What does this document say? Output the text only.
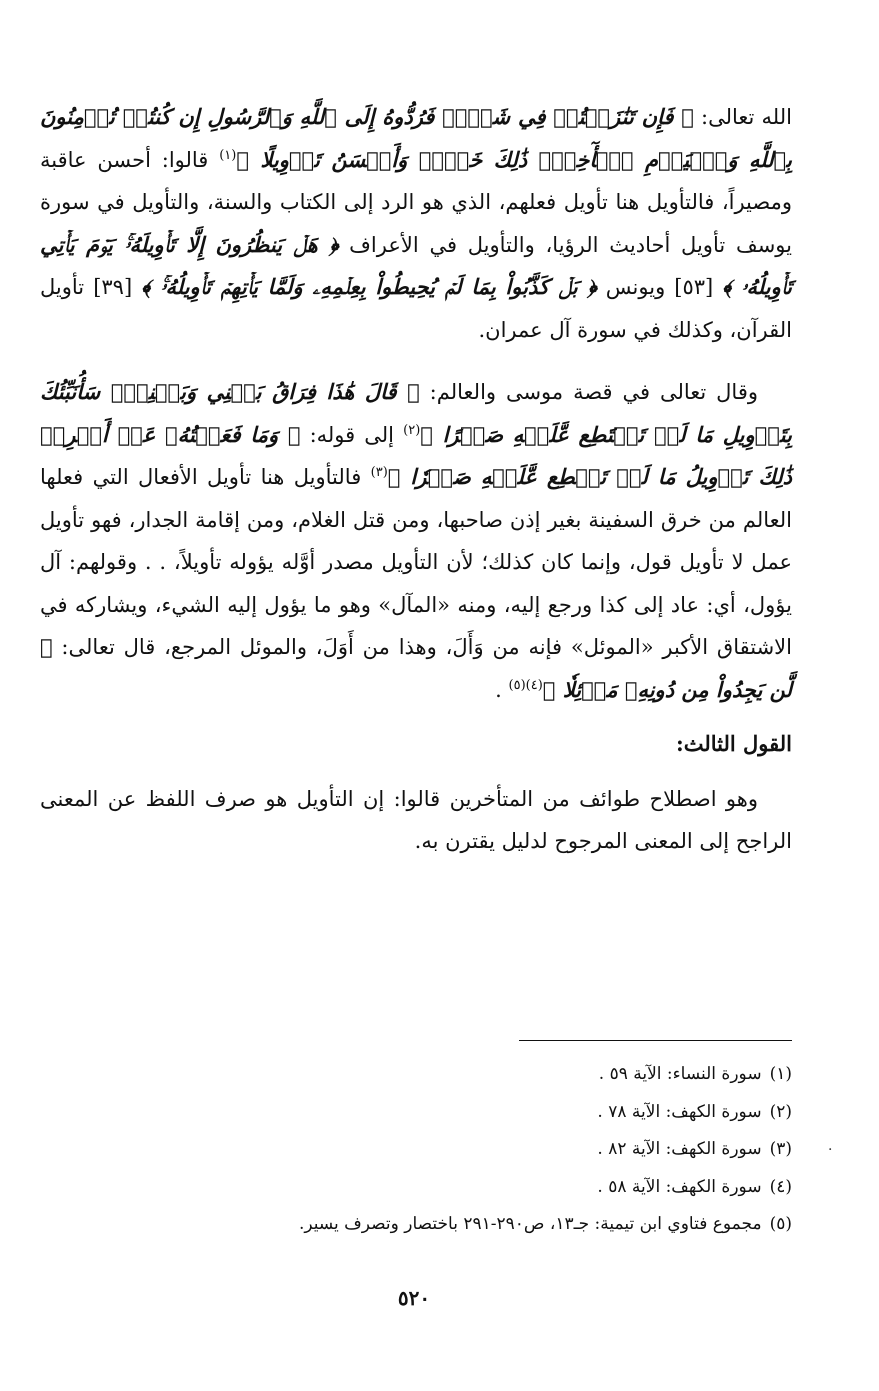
الله تعالى: ﴿ فَإِن تَنَٰزَعۡتُمۡ فِي شَيۡءٖ فَرُدُّوهُ إِلَى ٱللَّهِ وَٱلرَّسُولِ إِن كُنتُمۡ تُؤۡمِنُونَ بِٱللَّهِ وَٱلۡيَوۡمِ ٱلۡأٓخِرِۚ ذَٰلِكَ خَيۡرٞ وَأَحۡسَنُ تَأۡوِيلًا ﴾$^{(١)}$ قالوا: أحسن عاقبة ومصيراً، فالتأويل هنا تأويل فعلهم، الذي هو الرد إلى الكتاب والسنة، والتأويل في سورة يوسف تأويل أحاديث الرؤيا، والتأويل في الأعراف ﴿ هَلۡ يَنظُرُونَ إِلَّا تَأۡوِيلَهُۥۚ يَوۡمَ يَأۡتِي تَأۡوِيلُهُۥ ﴾ [٥٣] ويونس ﴿ بَلۡ كَذَّبُواْ بِمَا لَمۡ يُحِيطُواْ بِعِلۡمِهِۦ وَلَمَّا يَأۡتِهِمۡ تَأۡوِيلُهُۥۚ ﴾ [٣٩] تأويل القرآن، وكذلك في سورة آل عمران.

وقال تعالى في قصة موسى والعالم: ﴿ قَالَ هَٰذَا فِرَاقُ بَيۡنِي وَبَيۡنِكَۚ سَأُنَبِّئُكَ بِتَأۡوِيلِ مَا لَمۡ تَسۡتَطِع عَّلَيۡهِ صَبۡرًا ﴾$^{(٢)}$ إلى قوله: ﴿ وَمَا فَعَلۡتُهُۥ عَنۡ أَمۡرِيۚ ذَٰلِكَ تَأۡوِيلُ مَا لَمۡ تَسۡطِع عَّلَيۡهِ صَبۡرٗا ﴾$^{(٣)}$ فالتأويل هنا تأويل الأفعال التي فعلها العالم من خرق السفينة بغير إذن صاحبها، ومن قتل الغلام، ومن إقامة الجدار، فهو تأويل عمل لا تأويل قول، وإنما كان كذلك؛ لأن التأويل مصدر أوَّله يؤوله تأويلاً، . . وقولهم: آل يؤول، أي: عاد إلى كذا ورجع إليه، ومنه «المآل» وهو ما يؤول إليه الشيء، ويشاركه في الاشتقاق الأكبر «الموئل» فإنه من وَأَلَ، وهذا من أَوَلَ، والموئل المرجع، قال تعالى: ﴿ لَّن يَجِدُواْ مِن دُونِهِۦ مَوۡئِلٗا ﴾$^{(٤)(٥)}$ .

القول الثالث:

وهو اصطلاح طوائف من المتأخرين قالوا: إن التأويل هو صرف اللفظ عن المعنى الراجح إلى المعنى المرجوح لدليل يقترن به.

(١)سورة النساء: الآية ٥٩ .
(٢)سورة الكهف: الآية ٧٨ .
(٣)سورة الكهف: الآية ٨٢ .
(٤)سورة الكهف: الآية ٥٨ .
(٥)مجموع فتاوي ابن تيمية: جـ١٣، ص٢٩٠-٢٩١ باختصار وتصرف يسير.
·
٥٢٠
